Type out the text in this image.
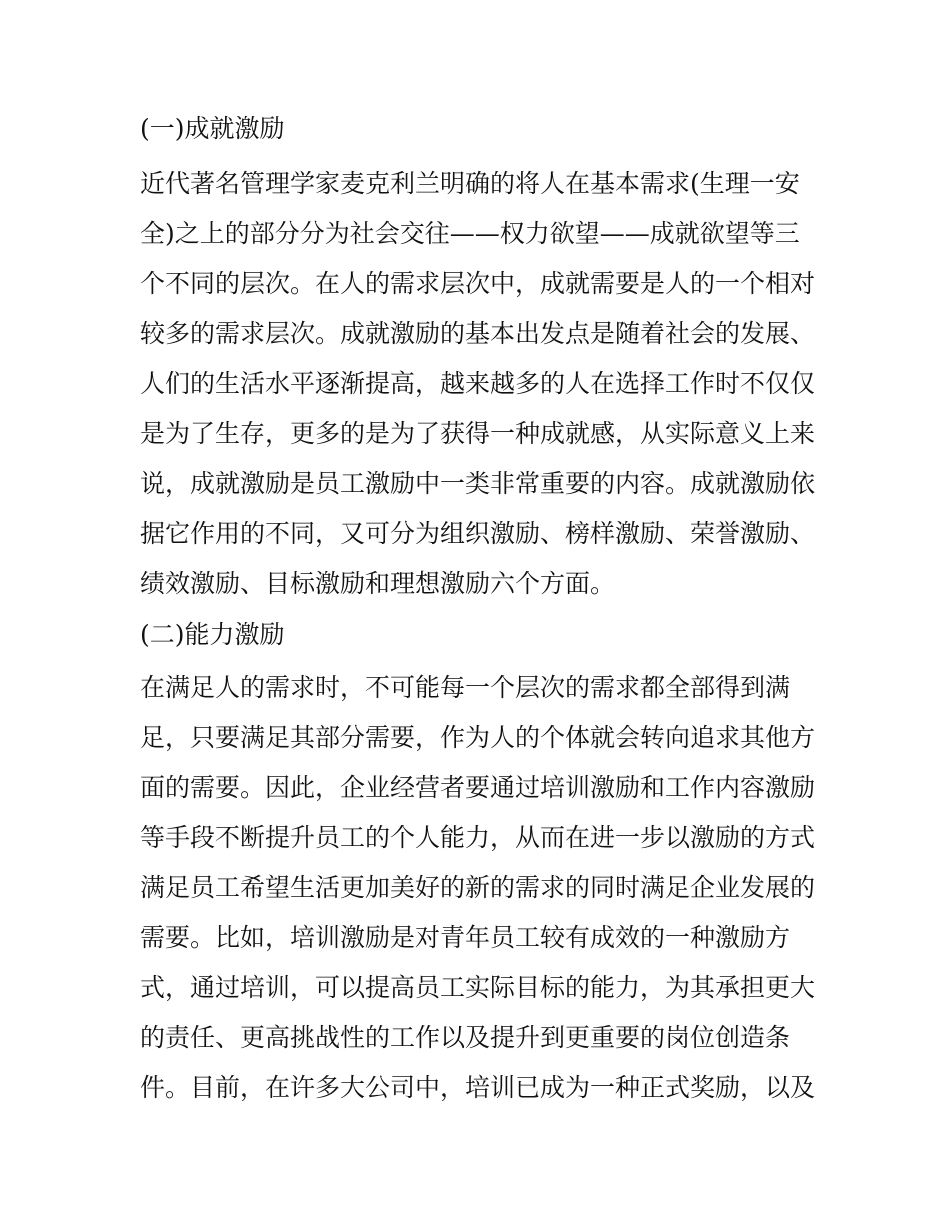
(一)成就激励
近代著名管理学家麦克利兰明确的将人在基本需求(生理一安
全)之上的部分分为社会交往——权力欲望——成就欲望等三
个不同的层次。在人的需求层次中，成就需要是人的一个相对
较多的需求层次。成就激励的基本出发点是随着社会的发展、
人们的生活水平逐渐提高，越来越多的人在选择工作时不仅仅
是为了生存，更多的是为了获得一种成就感，从实际意义上来
说，成就激励是员工激励中一类非常重要的内容。成就激励依
据它作用的不同，又可分为组织激励、榜样激励、荣誉激励、
绩效激励、目标激励和理想激励六个方面。
(二)能力激励
在满足人的需求时，不可能每一个层次的需求都全部得到满
足，只要满足其部分需要，作为人的个体就会转向追求其他方
面的需要。因此，企业经营者要通过培训激励和工作内容激励
等手段不断提升员工的个人能力，从而在进一步以激励的方式
满足员工希望生活更加美好的新的需求的同时满足企业发展的
需要。比如，培训激励是对青年员工较有成效的一种激励方
式，通过培训，可以提高员工实际目标的能力，为其承担更大
的责任、更高挑战性的工作以及提升到更重要的岗位创造条
件。目前，在许多大公司中，培训已成为一种正式奖励，以及
